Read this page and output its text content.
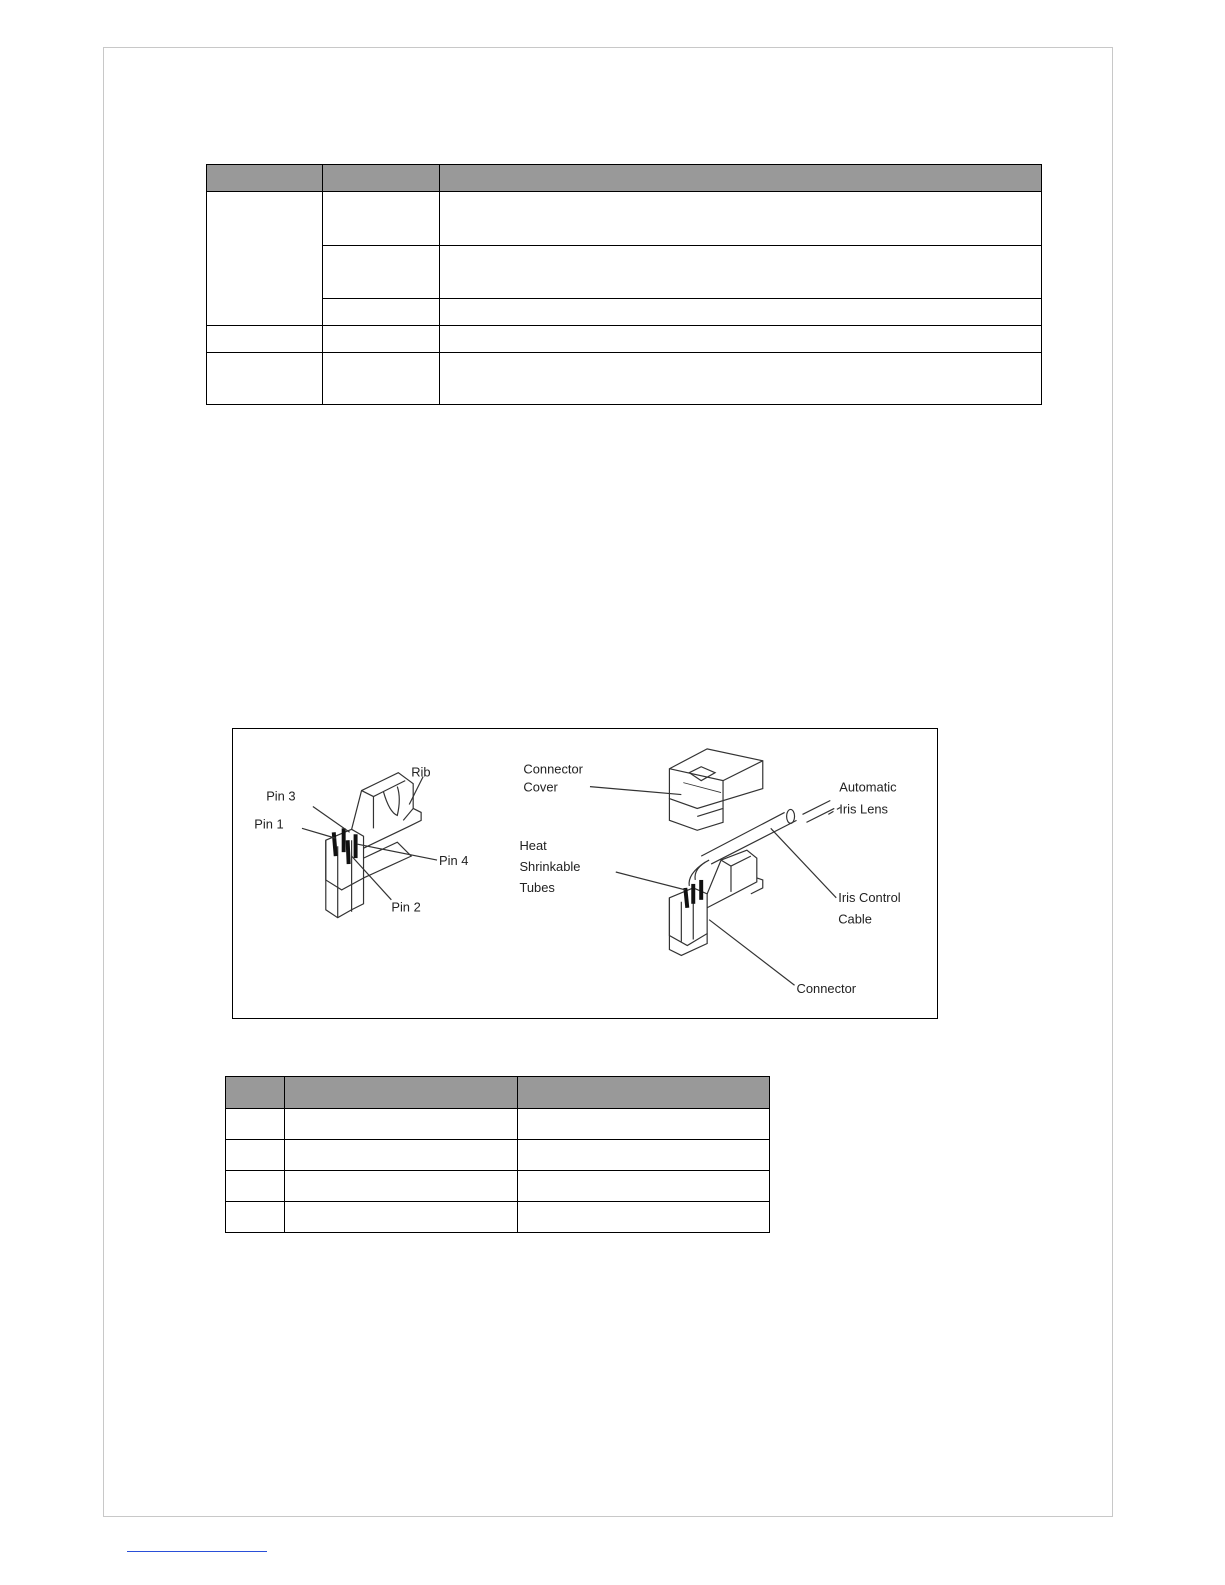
Rib
Pin 3
Pin 1
Pin 4
Pin 2
Connector
Cover	Automatic
Iris Lens
Heat
Shrinkable
Tubes
Iris Control
Cable
Connector
